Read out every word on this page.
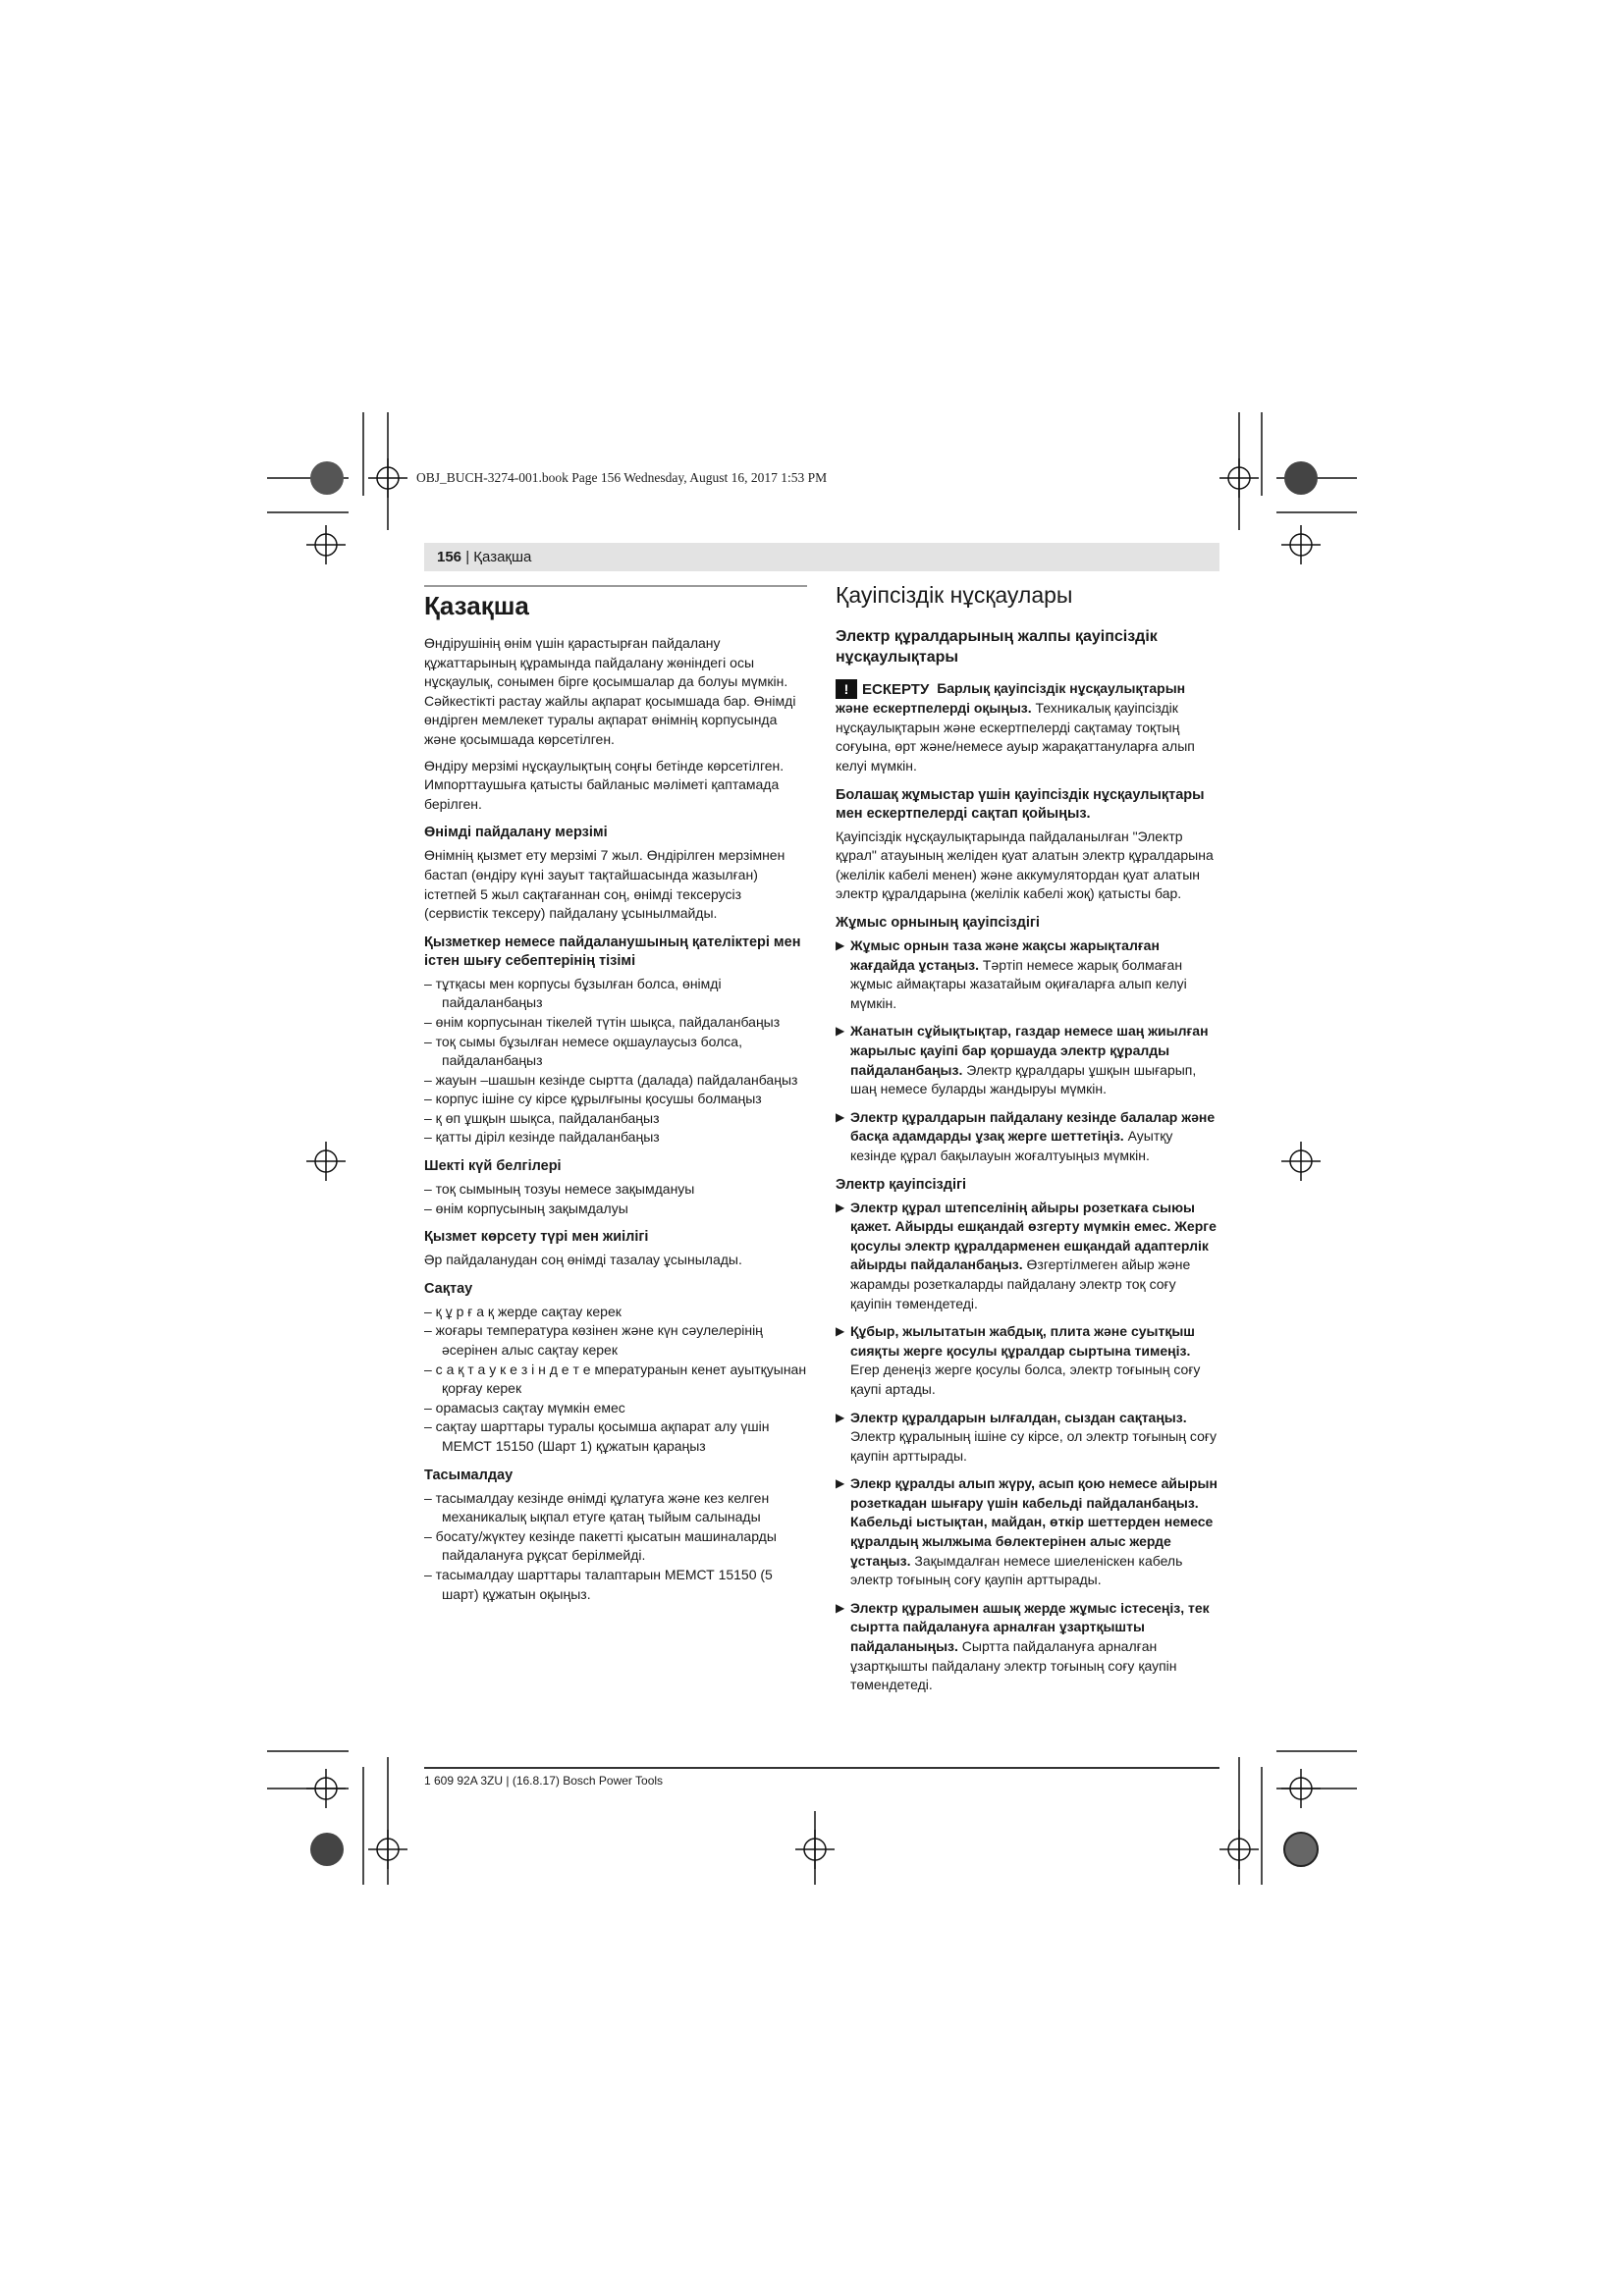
OBJ_BUCH-3274-001.book Page 156 Wednesday, August 16, 2017 1:53 PM
156 | Қазақша
Қазақша

Өндірушінің өнім үшін қарастырған пайдалану құжаттарының құрамында пайдалану жөніндегі осы нұсқаулық, сонымен бірге қосымшалар да болуы мүмкін. Сәйкестікті растау жайлы ақпарат қосымшада бар. Өнімді өндірген мемлекет туралы ақпарат өнімнің корпусында және қосымшада көрсетілген.

Өндіру мерзімі нұсқаулықтың соңғы бетінде көрсетілген. Импорттаушыға қатысты байланыс мәліметі қаптамада берілген.

Өнімді пайдалану мерзімі

Өнімнің қызмет ету мерзімі 7 жыл. Өндірілген мерзімнен бастап (өндіру күні зауыт тақтайшасында жазылған) істетпей 5 жыл сақтағаннан соң, өнімді тексерусіз (сервистік тексеру) пайдалану ұсынылмайды.

Қызметкер немесе пайдаланушының қателіктері мен істен шығу себептерінің тізімі
– тұтқасы мен корпусы бұзылған болса, өнімді пайдаланбаңыз
– өнім корпусынан тікелей түтін шықса, пайдаланбаңыз
– тоқ сымы бұзылған немесе оқшаулаусыз болса, пайдаланбаңыз
– жауын –шашын кезінде сыртта (далада) пайдаланбаңыз
– корпус ішіне су кірсе құрылғыны қосушы болмаңыз
– қ өп ұшқын шықса, пайдаланбаңыз
– қатты діріл кезінде пайдаланбаңыз
Шекті күй белгілері
– тоқ сымының тозуы немесе зақымдануы
– өнім корпусының зақымдалуы
Қызмет көрсету түрі мен жиілігі

Әр пайдаланудан соң өнімді тазалау ұсынылады.

Сақтау
– қ ұ р ғ а қ жерде сақтау керек
– жоғары температура көзінен және күн сәулелерінің әсерінен алыс сақтау керек
– с а қ т а у к е з і н д е т е мпературанын кенет ауытқуынан қорғау керек
– орамасыз сақтау мүмкін емес
– сақтау шарттары туралы қосымша ақпарат алу үшін МЕМСТ 15150 (Шарт 1) құжатын қараңыз
Тасымалдау
– тасымалдау кезінде өнімді құлатуға және кез келген механикалық ықпал етуге қатаң тыйым салынады
– босату/жүктеу кезінде пакетті қысатын машиналарды пайдалануға рұқсат берілмейді.
– тасымалдау шарттары талаптарын МЕМСТ 15150 (5 шарт) құжатын оқыңыз.
Қауіпсіздік нұсқаулары
Электр құралдарының жалпы қауіпсіздік нұсқаулықтары

! ЕСКЕРТУ Барлық қауіпсіздік нұсқаулықтарын және ескертпелерді оқыңыз. Техникалық қауіпсіздік нұсқаулықтарын және ескертпелерді сақтамау тоқтың соғуына, өрт және/немесе ауыр жарақаттануларға алып келуі мүмкін.

Болашақ жұмыстар үшін қауіпсіздік нұсқаулықтары мен ескертпелерді сақтап қойыңыз.

Қауіпсіздік нұсқаулықтарында пайдаланылған "Электр құрал" атауының желіден қуат алатын электр құралдарына (желілік кабелі менен) және аккумулятордан қуат алатын электр құралдарына (желілік кабелі жоқ) қатысты бар.

Жұмыс орнының қауіпсіздігі
▶ Жұмыс орнын таза және жақсы жарықталған жағдайда ұстаңыз. Тәртіп немесе жарық болмаған жұмыс аймақтары жазатайым оқиғаларға алып келуі мүмкін.
▶ Жанатын сұйықтықтар, газдар немесе шаң жиылған жарылыс қауіпі бар қоршауда электр құралды пайдаланбаңыз. Электр құралдары ұшқын шығарып, шаң немесе буларды жандыруы мүмкін.
▶ Электр құралдарын пайдалану кезінде балалар және басқа адамдарды ұзақ жерге шеттетіңіз. Ауытқу кезінде құрал бақылауын жоғалтуыңыз мүмкін.
Электр қауіпсіздігі
▶ Электр құрал штепселінің айыры розеткаға сыюы қажет. Айырды ешқандай өзгерту мүмкін емес. Жерге қосулы электр құралдарменен ешқандай адаптерлік айырды пайдаланбаңыз. Өзгертілмеген айыр және жарамды розеткаларды пайдалану электр тоқ соғу қауіпін төмендетеді.
▶ Құбыр, жылытатын жабдық, плита және суытқыш сияқты жерге қосулы құралдар сыртына тимеңіз. Егер денеңіз жерге қосулы болса, электр тоғының соғу қаупі артады.
▶ Электр құралдарын ылғалдан, сыздан сақтаңыз. Электр құралының ішіне су кірсе, ол электр тоғының соғу қаупін арттырады.
▶ Элекр құралды алып жүру, асып қою немесе айырын розеткадан шығару үшін кабельді пайдаланбаңыз. Кабельді ыстықтан, майдан, өткір шеттерден немесе құралдың жылжыма бөлектерінен алыс жерде ұстаңыз. Зақымдалған немесе шиеленіскен кабель электр тоғының соғу қаупін арттырады.
▶ Электр құралымен ашық жерде жұмыс істесеңіз, тек сыртта пайдалануға арналған ұзартқышты пайдаланыңыз. Сыртта пайдалануға арналған ұзартқышты пайдалану электр тоғының соғу қаупін төмендетеді.
1 609 92A 3ZU | (16.8.17) Bosch Power Tools
